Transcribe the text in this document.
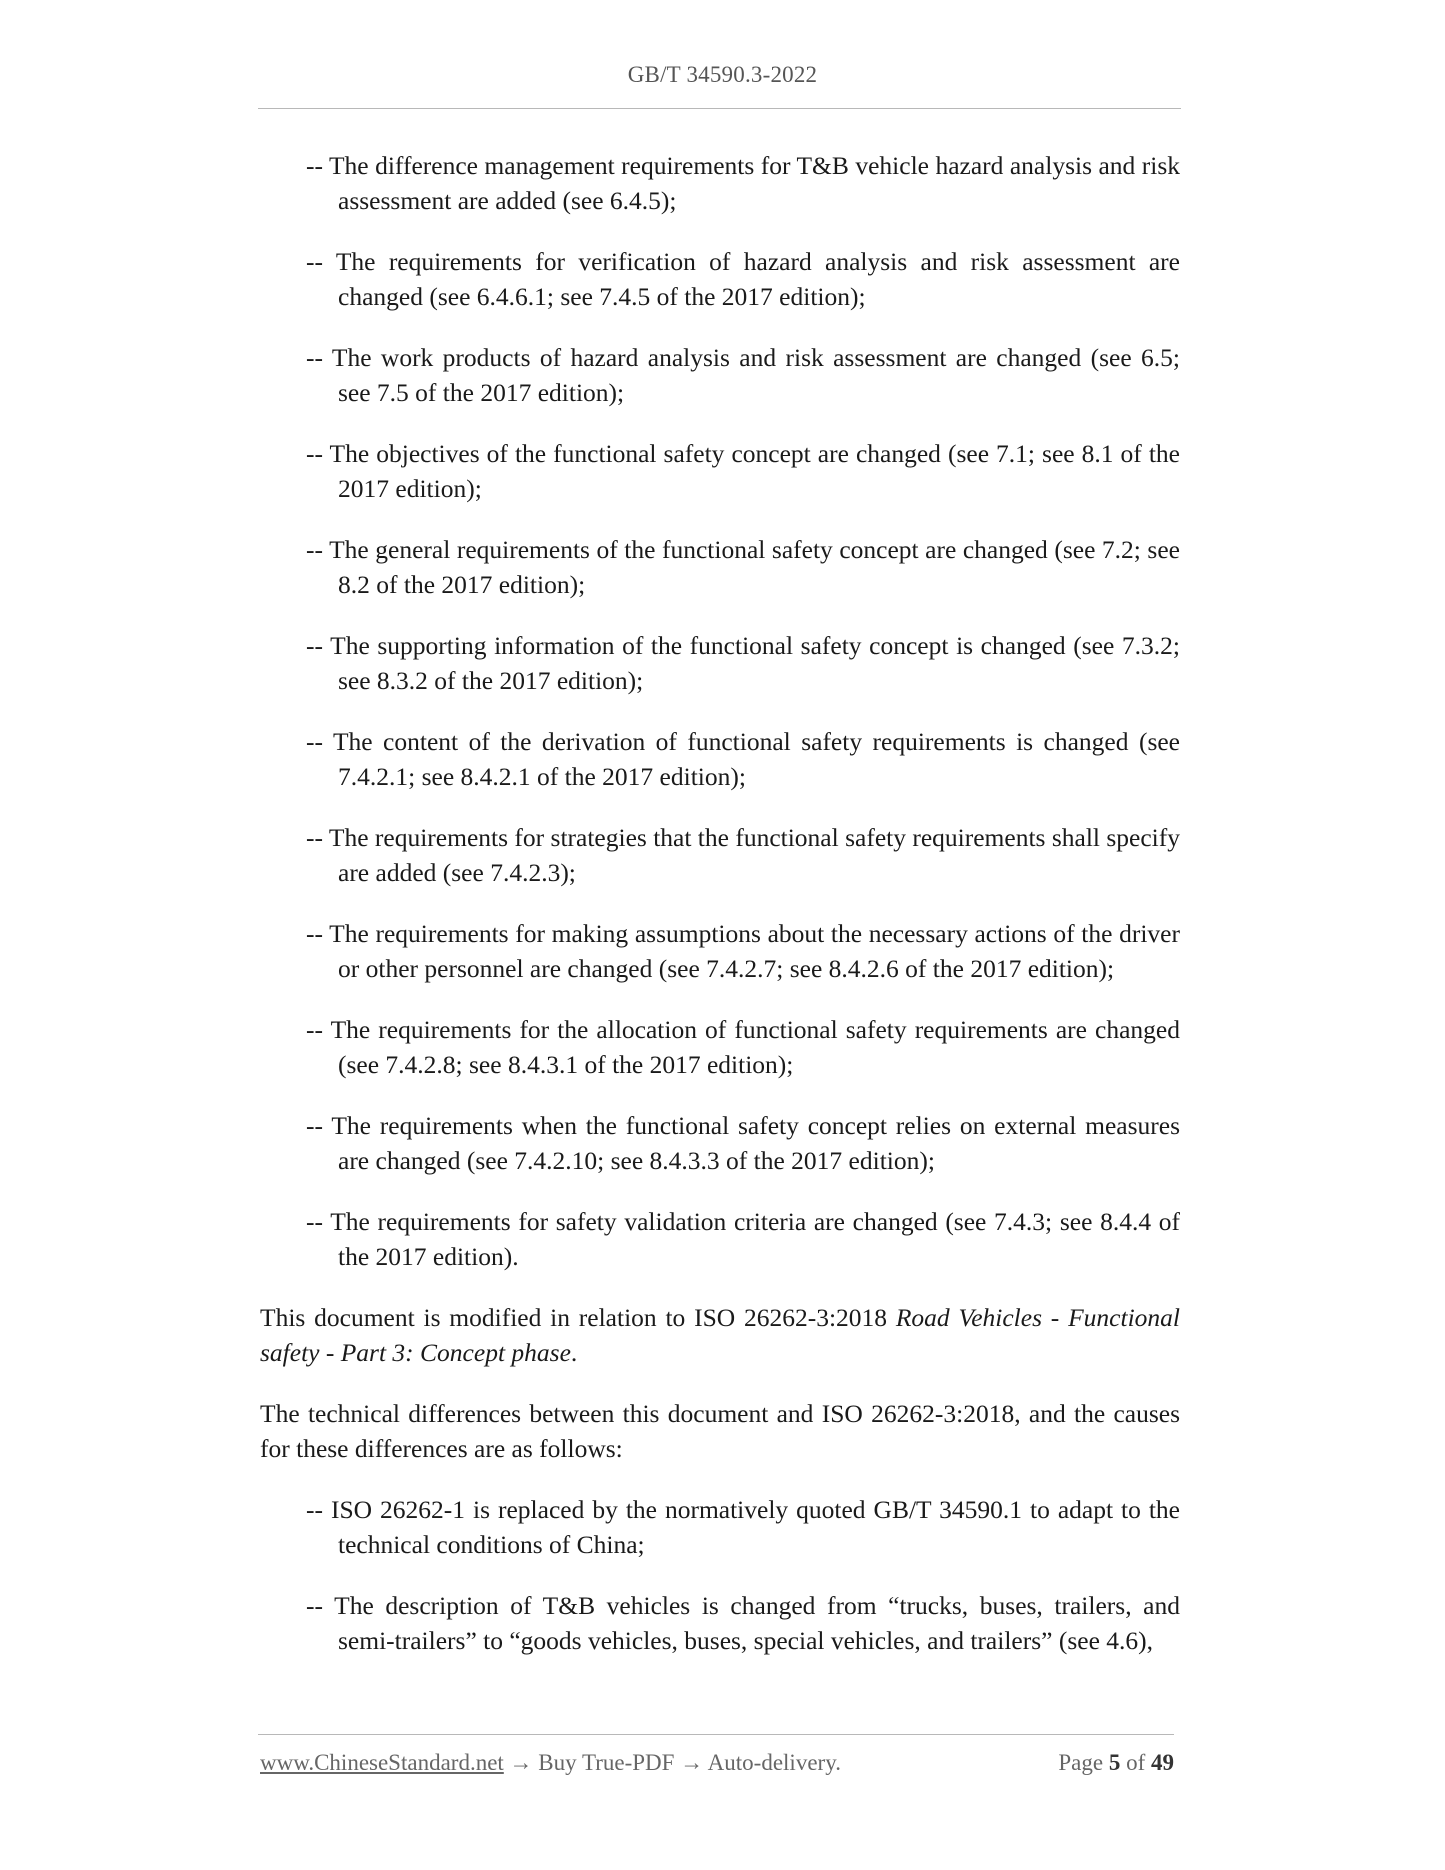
GB/T 34590.3-2022
-- The difference management requirements for T&B vehicle hazard analysis and risk assessment are added (see 6.4.5);
-- The requirements for verification of hazard analysis and risk assessment are changed (see 6.4.6.1; see 7.4.5 of the 2017 edition);
-- The work products of hazard analysis and risk assessment are changed (see 6.5; see 7.5 of the 2017 edition);
-- The objectives of the functional safety concept are changed (see 7.1; see 8.1 of the 2017 edition);
-- The general requirements of the functional safety concept are changed (see 7.2; see 8.2 of the 2017 edition);
-- The supporting information of the functional safety concept is changed (see 7.3.2; see 8.3.2 of the 2017 edition);
-- The content of the derivation of functional safety requirements is changed (see 7.4.2.1; see 8.4.2.1 of the 2017 edition);
-- The requirements for strategies that the functional safety requirements shall specify are added (see 7.4.2.3);
-- The requirements for making assumptions about the necessary actions of the driver or other personnel are changed (see 7.4.2.7; see 8.4.2.6 of the 2017 edition);
-- The requirements for the allocation of functional safety requirements are changed (see 7.4.2.8; see 8.4.3.1 of the 2017 edition);
-- The requirements when the functional safety concept relies on external measures are changed (see 7.4.2.10; see 8.4.3.3 of the 2017 edition);
-- The requirements for safety validation criteria are changed (see 7.4.3; see 8.4.4 of the 2017 edition).

This document is modified in relation to ISO 26262-3:2018 Road Vehicles - Functional safety - Part 3: Concept phase.

The technical differences between this document and ISO 26262-3:2018, and the causes for these differences are as follows:

-- ISO 26262-1 is replaced by the normatively quoted GB/T 34590.1 to adapt to the technical conditions of China;
-- The description of T&B vehicles is changed from “trucks, buses, trailers, and semi-trailers” to “goods vehicles, buses, special vehicles, and trailers” (see 4.6),
www.ChineseStandard.net → Buy True-PDF → Auto-delivery.	Page 5 of 49
